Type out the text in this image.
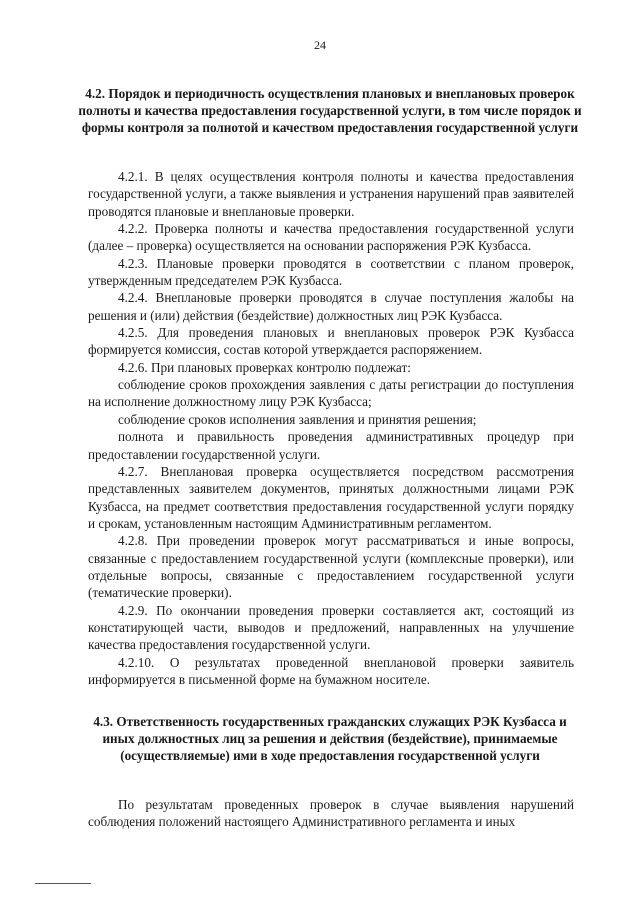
24
4.2. Порядок и периодичность осуществления плановых и внеплановых проверок полноты и качества предоставления государственной услуги, в том числе порядок и формы контроля за полнотой и качеством предоставления государственной услуги

4.2.1. В целях осуществления контроля полноты и качества предоставления государственной услуги, а также выявления и устранения нарушений прав заявителей проводятся плановые и внеплановые проверки.

4.2.2. Проверка полноты и качества предоставления государственной услуги (далее – проверка) осуществляется на основании распоряжения РЭК Кузбасса.

4.2.3. Плановые проверки проводятся в соответствии с планом проверок, утвержденным председателем РЭК Кузбасса.

4.2.4. Внеплановые проверки проводятся в случае поступления жалобы на решения и (или) действия (бездействие) должностных лиц РЭК Кузбасса.

4.2.5. Для проведения плановых и внеплановых проверок РЭК Кузбасса формируется комиссия, состав которой утверждается распоряжением.

4.2.6. При плановых проверках контролю подлежат:

соблюдение сроков прохождения заявления с даты регистрации до поступления на исполнение должностному лицу РЭК Кузбасса;

соблюдение сроков исполнения заявления и принятия решения;

полнота и правильность проведения административных процедур при предоставлении государственной услуги.

4.2.7. Внеплановая проверка осуществляется посредством рассмотрения представленных заявителем документов, принятых должностными лицами РЭК Кузбасса, на предмет соответствия предоставления государственной услуги порядку и срокам, установленным настоящим Административным регламентом.

4.2.8. При проведении проверок могут рассматриваться и иные вопросы, связанные с предоставлением государственной услуги (комплексные проверки), или отдельные вопросы, связанные с предоставлением государственной услуги (тематические проверки).

4.2.9. По окончании проведения проверки составляется акт, состоящий из констатирующей части, выводов и предложений, направленных на улучшение качества предоставления государственной услуги.

4.2.10. О результатах проведенной внеплановой проверки заявитель информируется в письменной форме на бумажном носителе.

4.3. Ответственность государственных гражданских служащих РЭК Кузбасса и иных должностных лиц за решения и действия (бездействие), принимаемые (осуществляемые) ими в ходе предоставления государственной услуги

По результатам проведенных проверок в случае выявления нарушений соблюдения положений настоящего Административного регламента и иных
